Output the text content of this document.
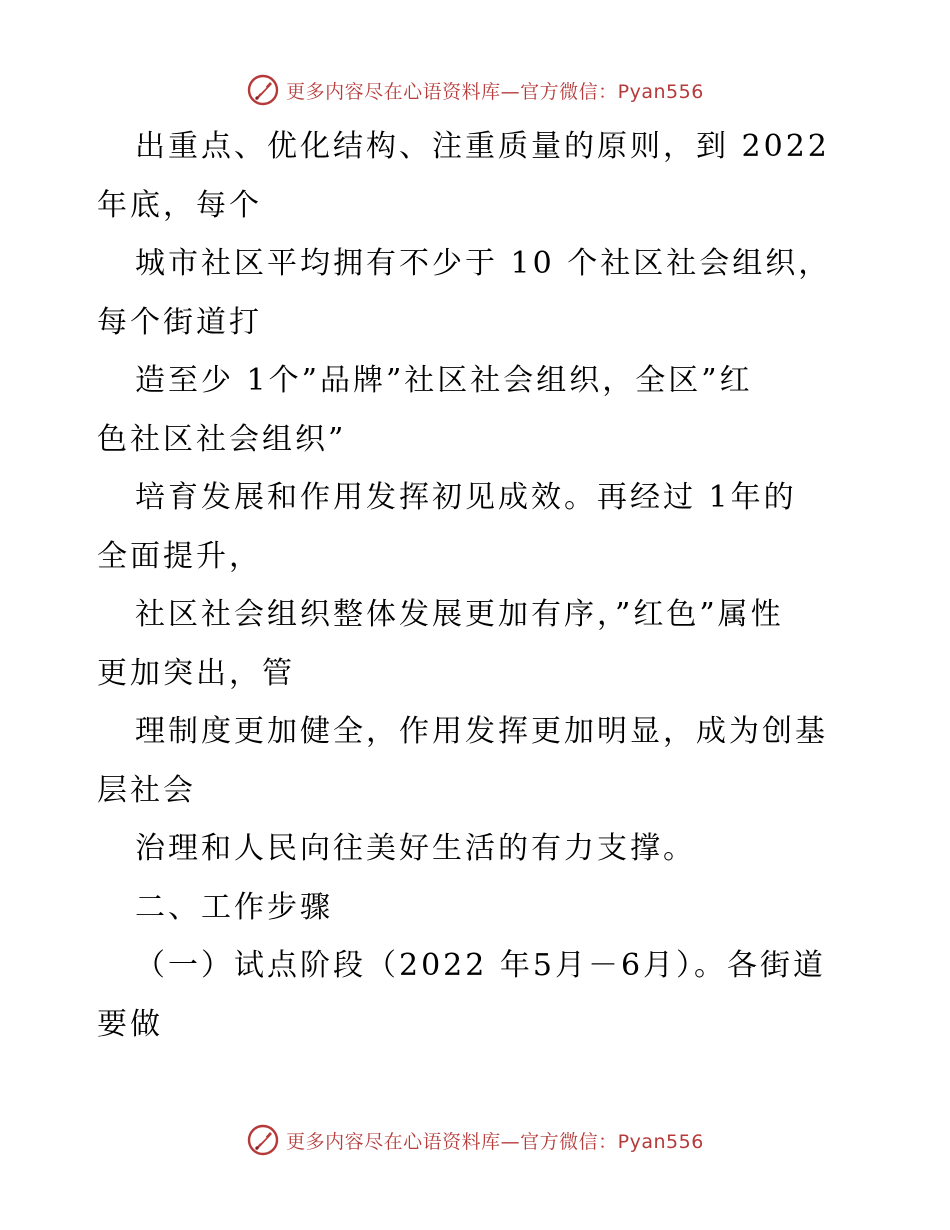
更多内容尽在心语资料库—官方微信：Pyan556
出重点、优化结构、注重质量的原则，到 2022
年底，每个
城市社区平均拥有不少于 10 个社区社会组织，
每个街道打
造至少 1个”品牌”社区社会组织，全区”红
色社区社会组织”
培育发展和作用发挥初见成效。再经过 1年的
全面提升，
社区社会组织整体发展更加有序，”红色”属性
更加突出，管
理制度更加健全，作用发挥更加明显，成为创基
层社会
治理和人民向往美好生活的有力支撑。
二、工作步骤
（一）试点阶段（2022 年5月－6月）。各街道
要做
更多内容尽在心语资料库—官方微信：Pyan556
